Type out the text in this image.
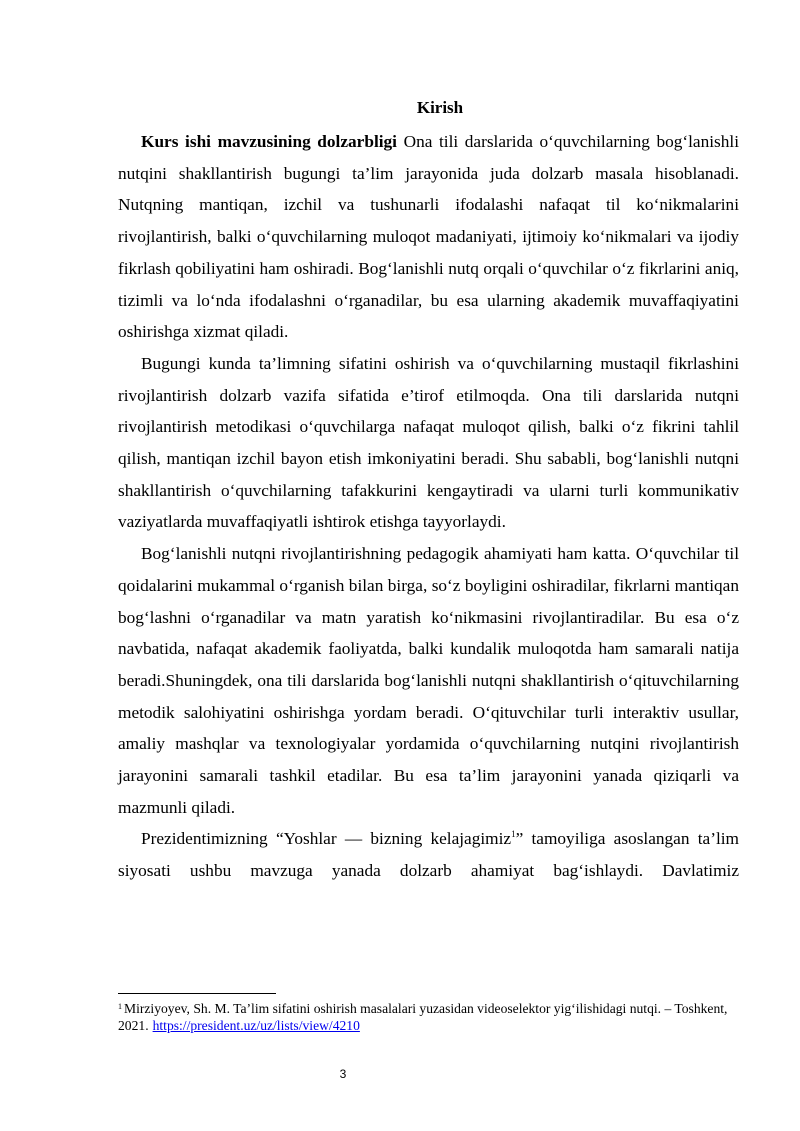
Kirish

Kurs ishi mavzusining dolzarbligi Ona tili darslarida o‘quvchilarning bog‘lanishli nutqini shakllantirish bugungi ta’lim jarayonida juda dolzarb masala hisoblanadi. Nutqning mantiqan, izchil va tushunarli ifodalashi nafaqat til ko‘nikmalarini rivojlantirish, balki o‘quvchilarning muloqot madaniyati, ijtimoiy ko‘nikmalari va ijodiy fikrlash qobiliyatini ham oshiradi. Bog‘lanishli nutq orqali o‘quvchilar o‘z fikrlarini aniq, tizimli va lo‘nda ifodalashni o‘rganadilar, bu esa ularning akademik muvaffaqiyatini oshirishga xizmat qiladi.

Bugungi kunda ta’limning sifatini oshirish va o‘quvchilarning mustaqil fikrlashini rivojlantirish dolzarb vazifa sifatida e’tirof etilmoqda. Ona tili darslarida nutqni rivojlantirish metodikasi o‘quvchilarga nafaqat muloqot qilish, balki o‘z fikrini tahlil qilish, mantiqan izchil bayon etish imkoniyatini beradi. Shu sababli, bog‘lanishli nutqni shakllantirish o‘quvchilarning tafakkurini kengaytiradi va ularni turli kommunikativ vaziyatlarda muvaffaqiyatli ishtirok etishga tayyorlaydi.

Bog‘lanishli nutqni rivojlantirishning pedagogik ahamiyati ham katta. O‘quvchilar til qoidalarini mukammal o‘rganish bilan birga, so‘z boyligini oshiradilar, fikrlarni mantiqan bog‘lashni o‘rganadilar va matn yaratish ko‘nikmasini rivojlantiradilar. Bu esa o‘z navbatida, nafaqat akademik faoliyatda, balki kundalik muloqotda ham samarali natija beradi.Shuningdek, ona tili darslarida bog‘lanishli nutqni shakllantirish o‘qituvchilarning metodik salohiyatini oshirishga yordam beradi. O‘qituvchilar turli interaktiv usullar, amaliy mashqlar va texnologiyalar yordamida o‘quvchilarning nutqini rivojlantirish jarayonini samarali tashkil etadilar. Bu esa ta’lim jarayonini yanada qiziqarli va mazmunli qiladi.

Prezidentimizning “Yoshlar — bizning kelajagimiz$^1$” tamoyiliga asoslangan ta’lim siyosati ushbu mavzuga yanada dolzarb ahamiyat bag‘ishlaydi. Davlatimiz

$^1$ Mirziyoyev, Sh. M. Ta’lim sifatini oshirish masalalari yuzasidan videoselektor yig‘ilishidagi nutqi. – Toshkent, 2021. https://president.uz/uz/lists/view/4210
3
